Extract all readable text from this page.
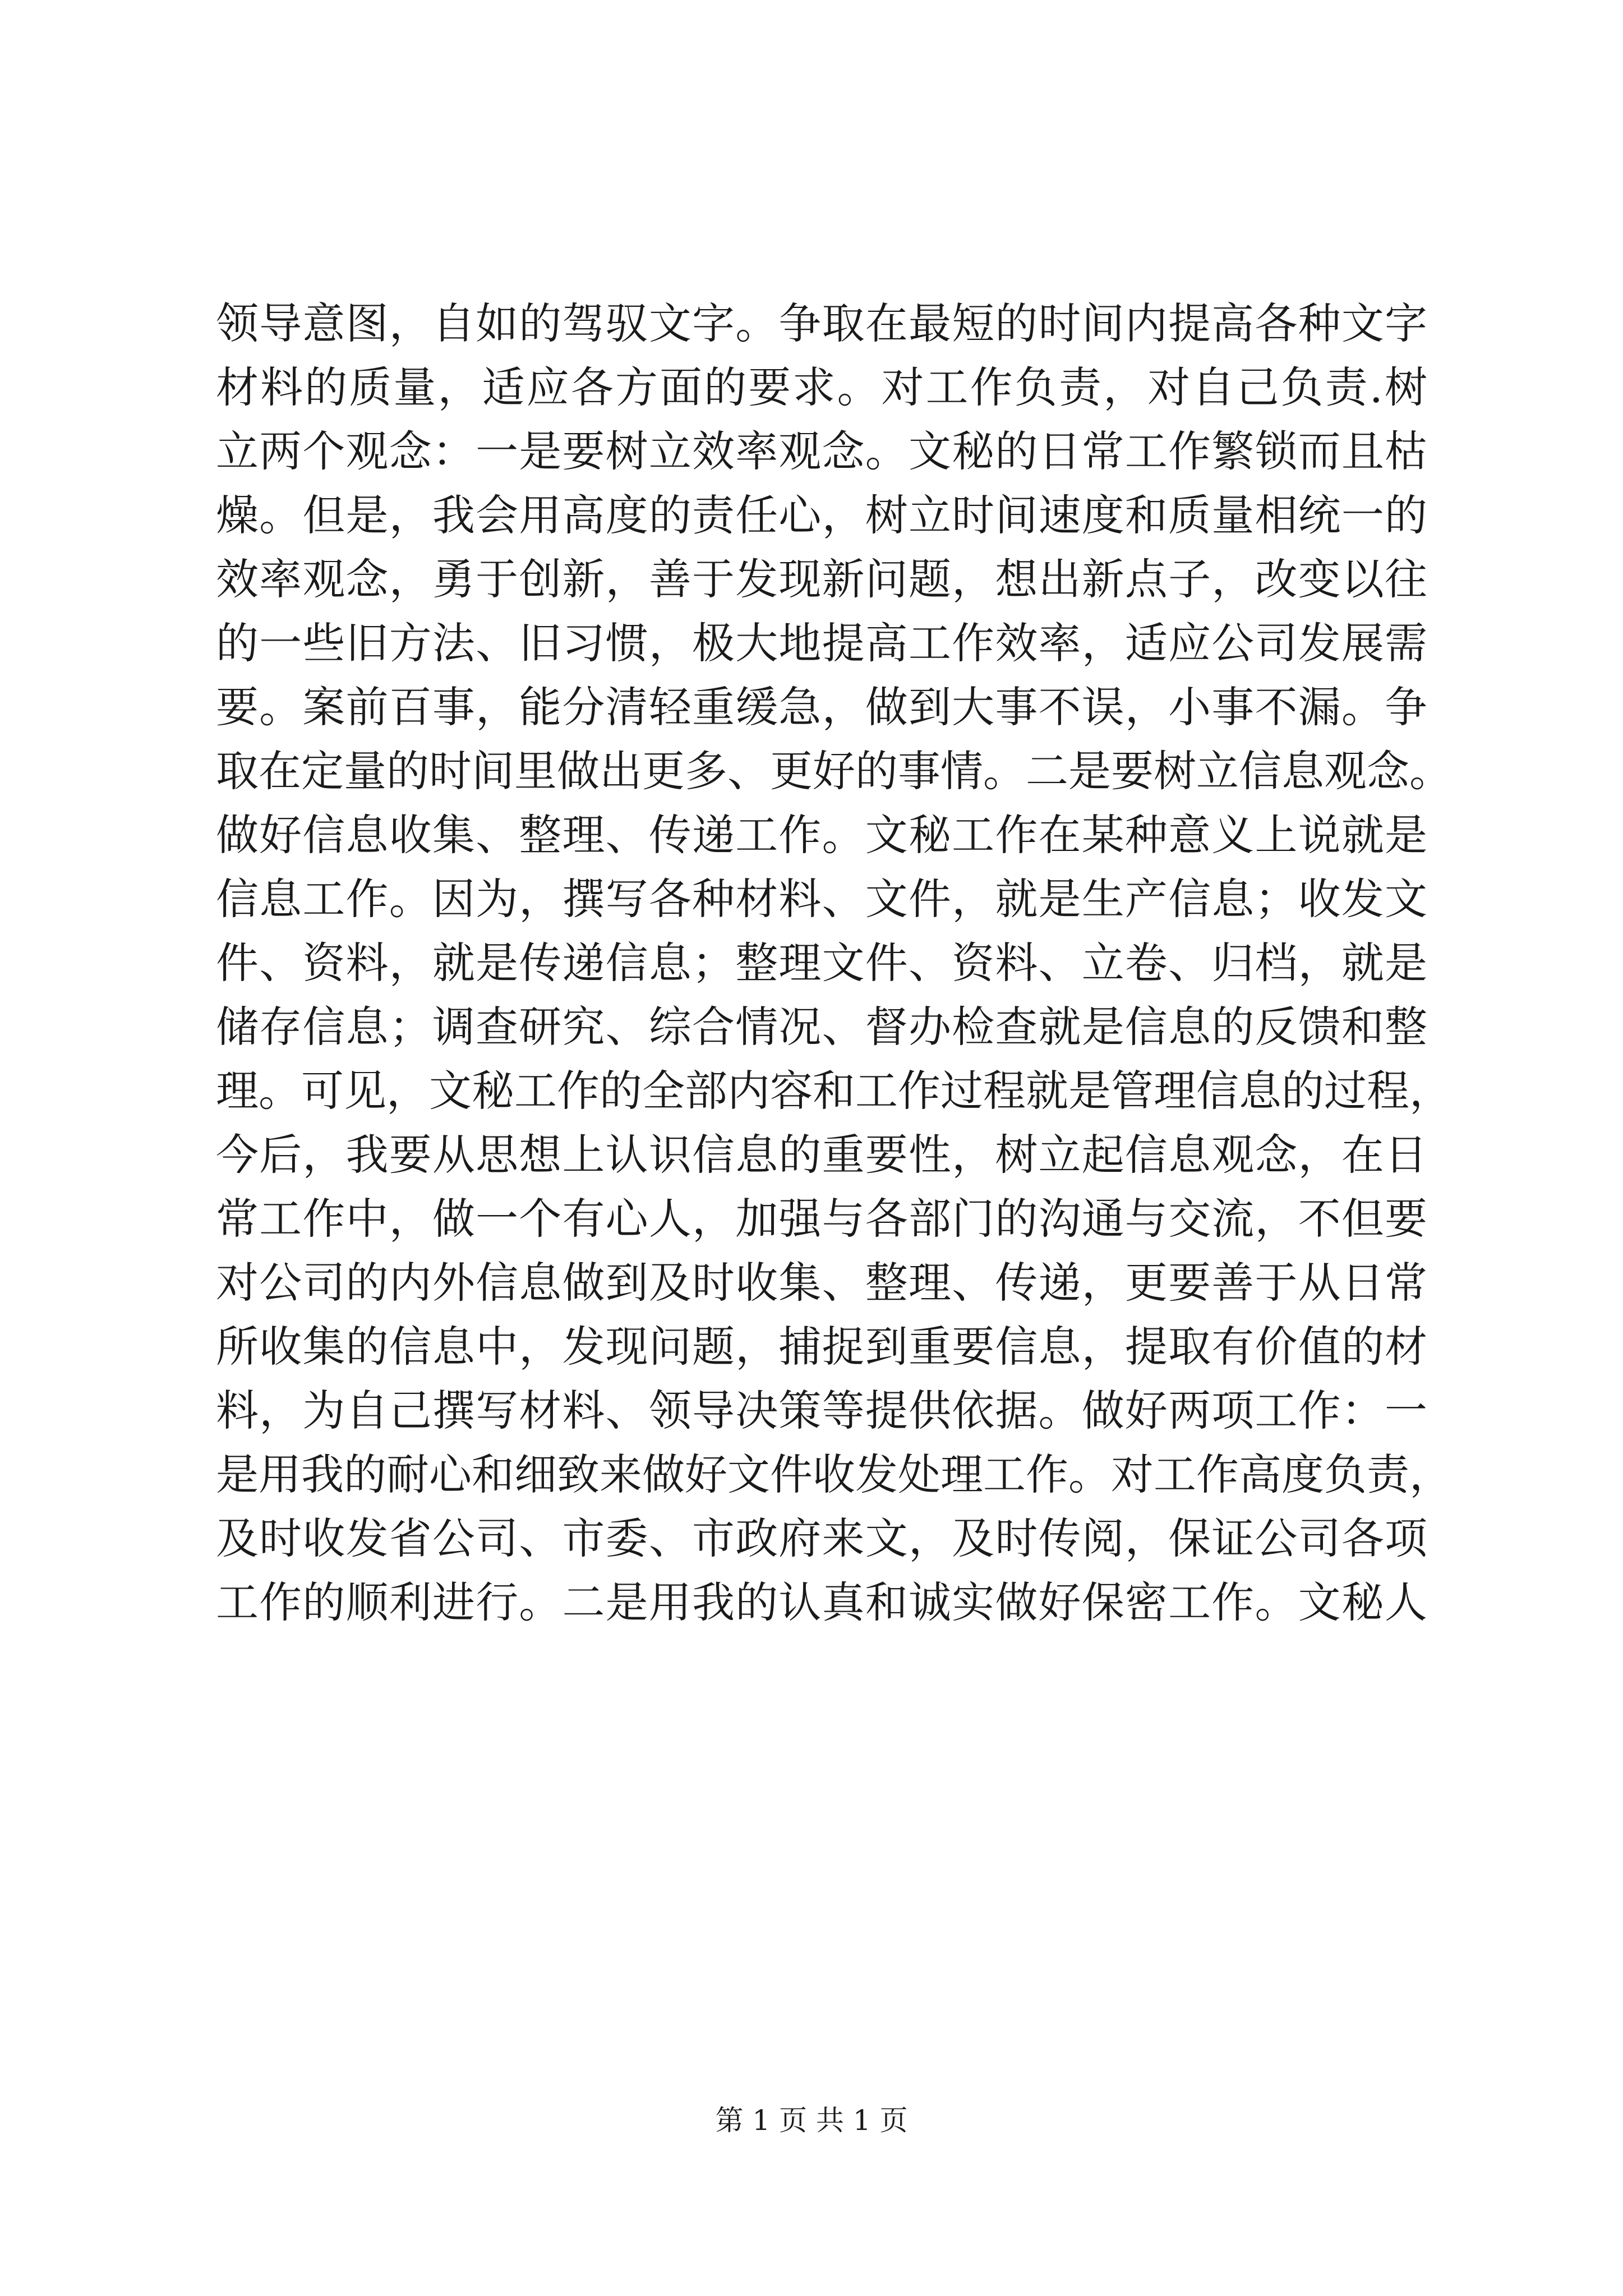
领导意图，自如的驾驭文字。争取在最短的时间内提高各种文字
材料的质量，适应各方面的要求。对工作负责，对自己负责.树
立两个观念：一是要树立效率观念。文秘的日常工作繁锁而且枯
燥。但是，我会用高度的责任心，树立时间速度和质量相统一的
效率观念，勇于创新，善于发现新问题，想出新点子，改变以往
的一些旧方法、旧习惯，极大地提高工作效率，适应公司发展需
要。案前百事，能分清轻重缓急，做到大事不误，小事不漏。争
取在定量的时间里做出更多、更好的事情。二是要树立信息观念。
做好信息收集、整理、传递工作。文秘工作在某种意义上说就是
信息工作。因为，撰写各种材料、文件，就是生产信息；收发文
件、资料，就是传递信息；整理文件、资料、立卷、归档，就是
储存信息；调查研究、综合情况、督办检查就是信息的反馈和整
理。可见，文秘工作的全部内容和工作过程就是管理信息的过程，
今后，我要从思想上认识信息的重要性，树立起信息观念，在日
常工作中，做一个有心人，加强与各部门的沟通与交流，不但要
对公司的内外信息做到及时收集、整理、传递，更要善于从日常
所收集的信息中，发现问题，捕捉到重要信息，提取有价值的材
料，为自己撰写材料、领导决策等提供依据。做好两项工作：一
是用我的耐心和细致来做好文件收发处理工作。对工作高度负责，
及时收发省公司、市委、市政府来文，及时传阅，保证公司各项
工作的顺利进行。二是用我的认真和诚实做好保密工作。文秘人
第 1 页 共 1 页
